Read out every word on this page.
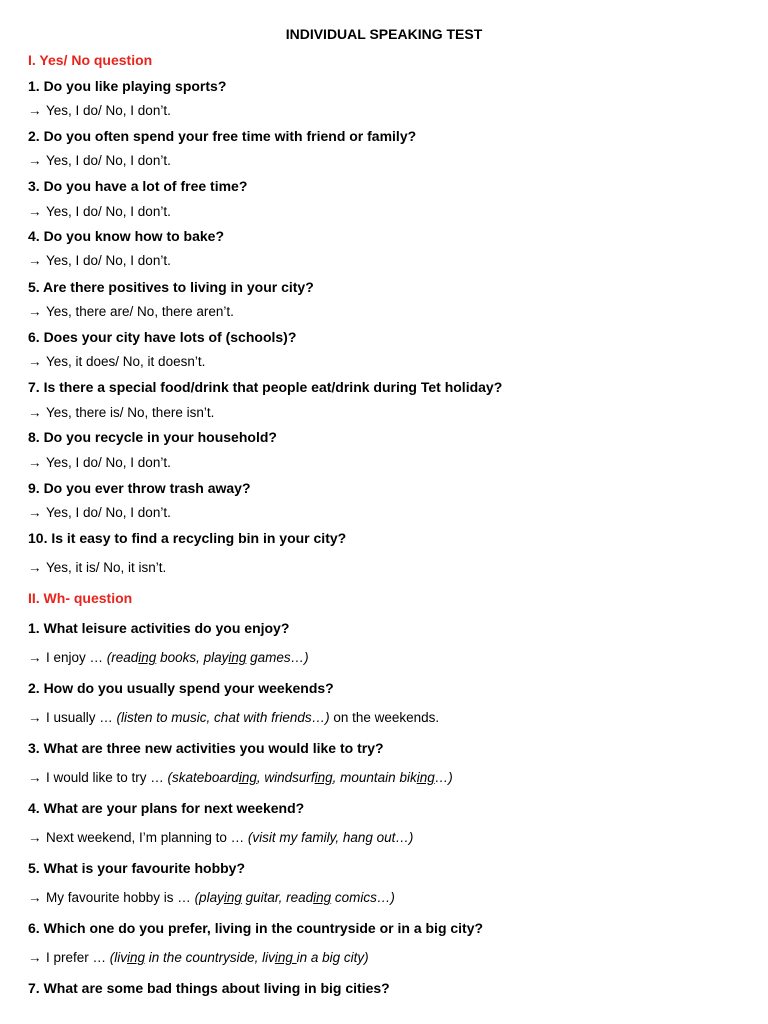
INDIVIDUAL SPEAKING TEST
I. Yes/ No question
1. Do you like playing sports?
→ Yes, I do/ No, I don’t.
2. Do you often spend your free time with friend or family?
→ Yes, I do/ No, I don’t.
3. Do you have a lot of free time?
→ Yes, I do/ No, I don’t.
4. Do you know how to bake?
→ Yes, I do/ No, I don’t.
5. Are there positives to living in your city?
→ Yes, there are/ No, there aren’t.
6. Does your city have lots of (schools)?
→ Yes, it does/ No, it doesn’t.
7. Is there a special food/drink that people eat/drink during Tet holiday?
→ Yes, there is/ No, there isn’t.
8. Do you recycle in your household?
→ Yes, I do/ No, I don’t.
9. Do you ever throw trash away?
→ Yes, I do/ No, I don’t.
10. Is it easy to find a recycling bin in your city?
→ Yes, it is/ No, it isn’t.
II. Wh- question
1. What leisure activities do you enjoy?
→ I enjoy … (reading books, playing games…)
2. How do you usually spend your weekends?
→ I usually … (listen to music, chat with friends…) on the weekends.
3. What are three new activities you would like to try?
→ I would like to try … (skateboarding, windsurfing, mountain biking…)
4. What are your plans for next weekend?
→ Next weekend, I’m planning to … (visit my family, hang out…)
5. What is your favourite hobby?
→ My favourite hobby is … (playing guitar, reading comics…)
6. Which one do you prefer, living in the countryside or in a big city?
→ I prefer … (living in the countryside, living in a big city)
7. What are some bad things about living in big cities?
